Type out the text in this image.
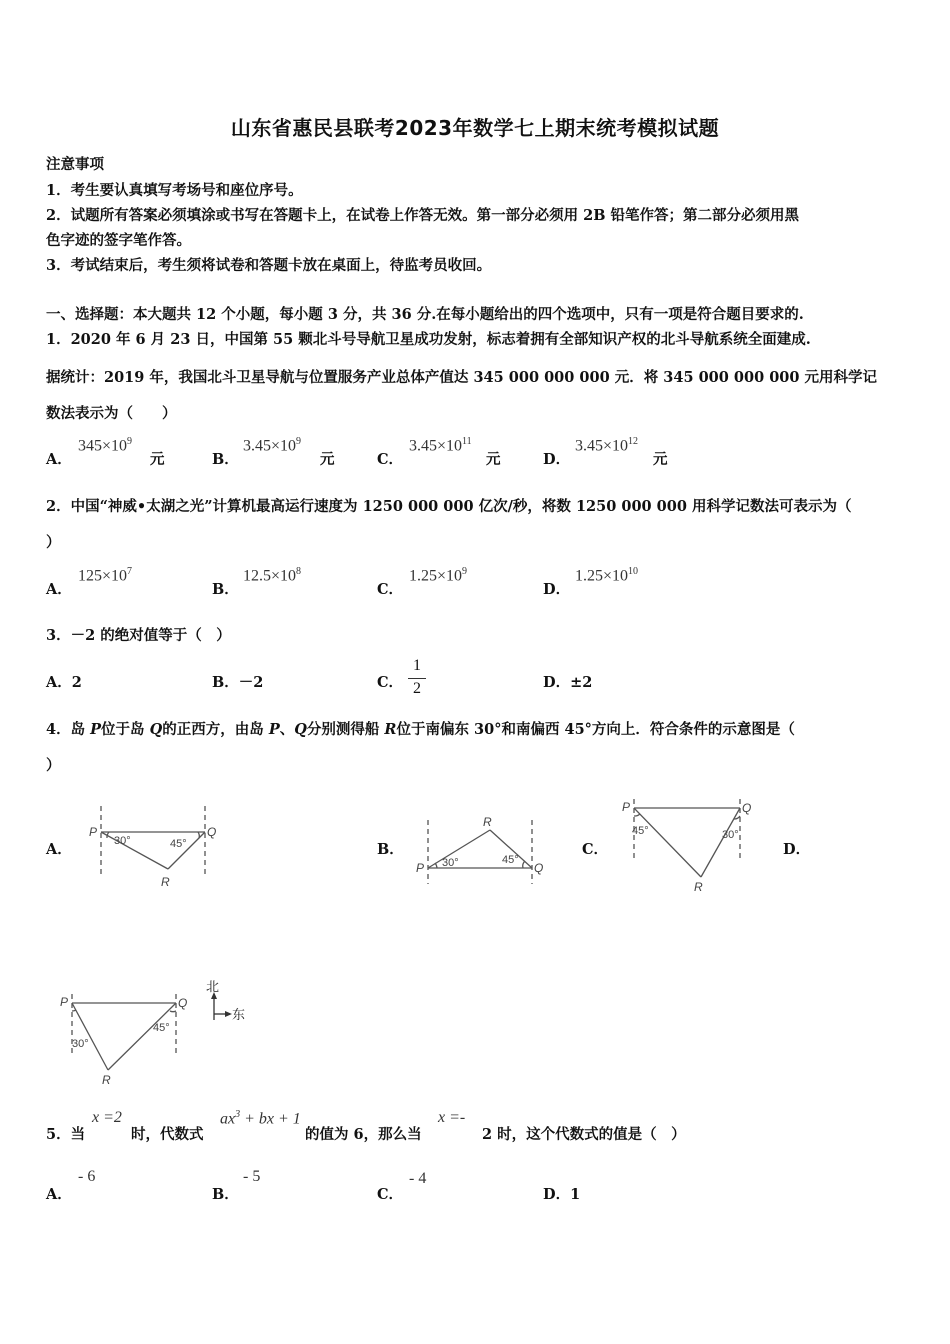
山东省惠民县联考2023年数学七上期末统考模拟试题
注意事项
1．考生要认真填写考场号和座位序号。
2．试题所有答案必须填涂或书写在答题卡上，在试卷上作答无效。第一部分必须用 2B 铅笔作答；第二部分必须用黑
色字迹的签字笔作答。
3．考试结束后，考生须将试卷和答题卡放在桌面上，待监考员收回。
一、选择题：本大题共 12 个小题，每小题 3 分，共 36 分.在每小题给出的四个选项中，只有一项是符合题目要求的.
1．2020 年 6 月 23 日，中国第 55 颗北斗号导航卫星成功发射，标志着拥有全部知识产权的北斗导航系统全面建成.
据统计：2019 年，我国北斗卫星导航与位置服务产业总体产值达 345 000 000 000 元．将 345 000 000 000 元用科学记
数法表示为（　　）
A．
$345\times 10^9$
元	B．
$3.45\times 10^9$
元	C．
$3.45\times 10^{11}$
元	D．
$3.45\times 10^{12}$
元
2．中国“神威•太湖之光”计算机最高运行速度为 1250 000 000 亿次/秒，将数 1250 000 000 用科学记数法可表示为（
）
A．
$125\times 10^7$
B．
$12.5\times 10^8$
C．
$1.25\times 10^9$
D．
$1.25\times 10^{10}$
3．－2 的绝对值等于（　）
A．2	B．－2	C．
1
2	D．±2
4．岛 P位于岛 Q的正西方，由岛 P、Q分别测得船 R位于南偏东 30°和南偏西 45°方向上．符合条件的示意图是（
）
A．	B．	C．	D．
P	Q
R
30°	45°
P	Q
R
30°	45°
P	Q
R
45°	30°
P	Q
R
30°
45°
北
东
5．当
x =2
时，代数式
$ax^3$ + bx + 1
的值为 6，那么当
x =-
2 时，这个代数式的值是（　）
A．
- 6
B．
- 5
C．
- 4
D．1
